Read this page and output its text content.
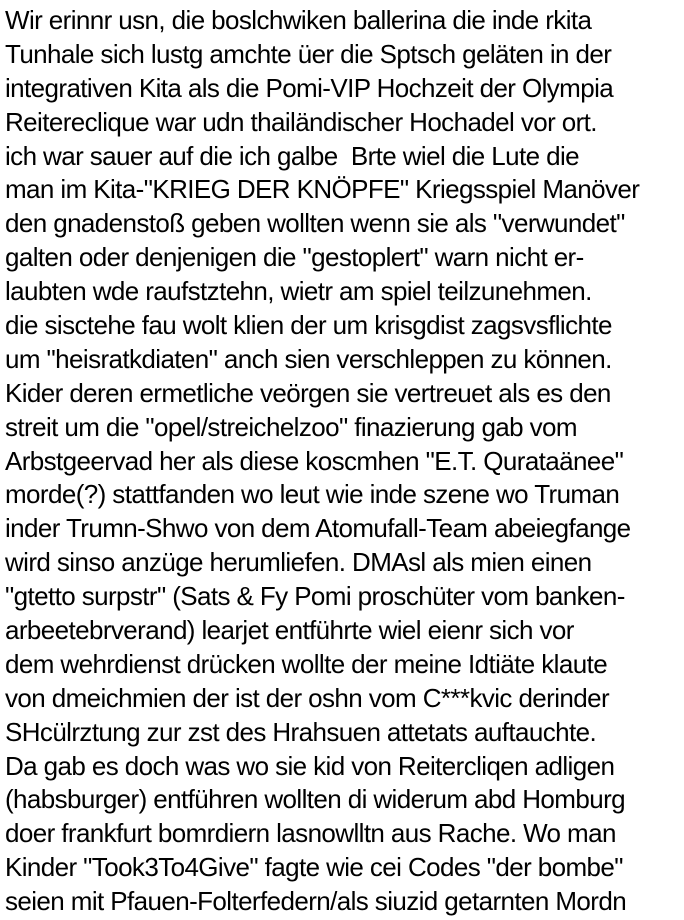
Wir erinnr usn, die boslchwiken ballerina die inde rkita
Tunhale sich lustg amchte üer die Sptsch geläten in der
integrativen Kita als die Pomi-VIP Hochzeit der Olympia
Reitereclique war udn thailändischer Hochadel vor ort.
ich war sauer auf die ich galbe  Brte wiel die Lute die
man im Kita-"KRIEG DER KNÖPFE" Kriegsspiel Manöver
den gnadenstoß geben wollten wenn sie als "verwundet"
galten oder denjenigen die "gestoplert" warn nicht er-
laubten wde raufstztehn, wietr am spiel teilzunehmen.
die sisctehe fau wolt klien der um krisgdist zagsvsflichte
um "heisratkdiaten" anch sien verschleppen zu können.
Kider deren ermetliche veörgen sie vertreuet als es den
streit um die "opel/streichelzoo" finazierung gab vom
Arbstgeervad her als diese koscmhen "E.T. Qurataänee"
morde(?) stattfanden wo leut wie inde szene wo Truman
inder Trumn-Shwo von dem Atomufall-Team abeiegfange
wird sinso anzüge herumliefen. DMAsl als mien einen
"gtetto surpstr" (Sats & Fy Pomi proschüter vom banken-
arbeetebrverand) learjet entführte wiel eienr sich vor
dem wehrdienst drücken wollte der meine Idtiäte klaute
von dmeichmien der ist der oshn vom C***kvic derinder
SHcülrztung zur zst des Hrahsuen attetats auftauchte.
Da gab es doch was wo sie kid von Reitercliqen adligen
(habsburger) entführen wollten di widerum abd Homburg
doer frankfurt bomrdiern lasnowlltn aus Rache. Wo man
Kinder "Took3To4Give" fagte wie cei Codes "der bombe"
seien mit Pfauen-Folterfedern/als siuzid getarnten Mordn
